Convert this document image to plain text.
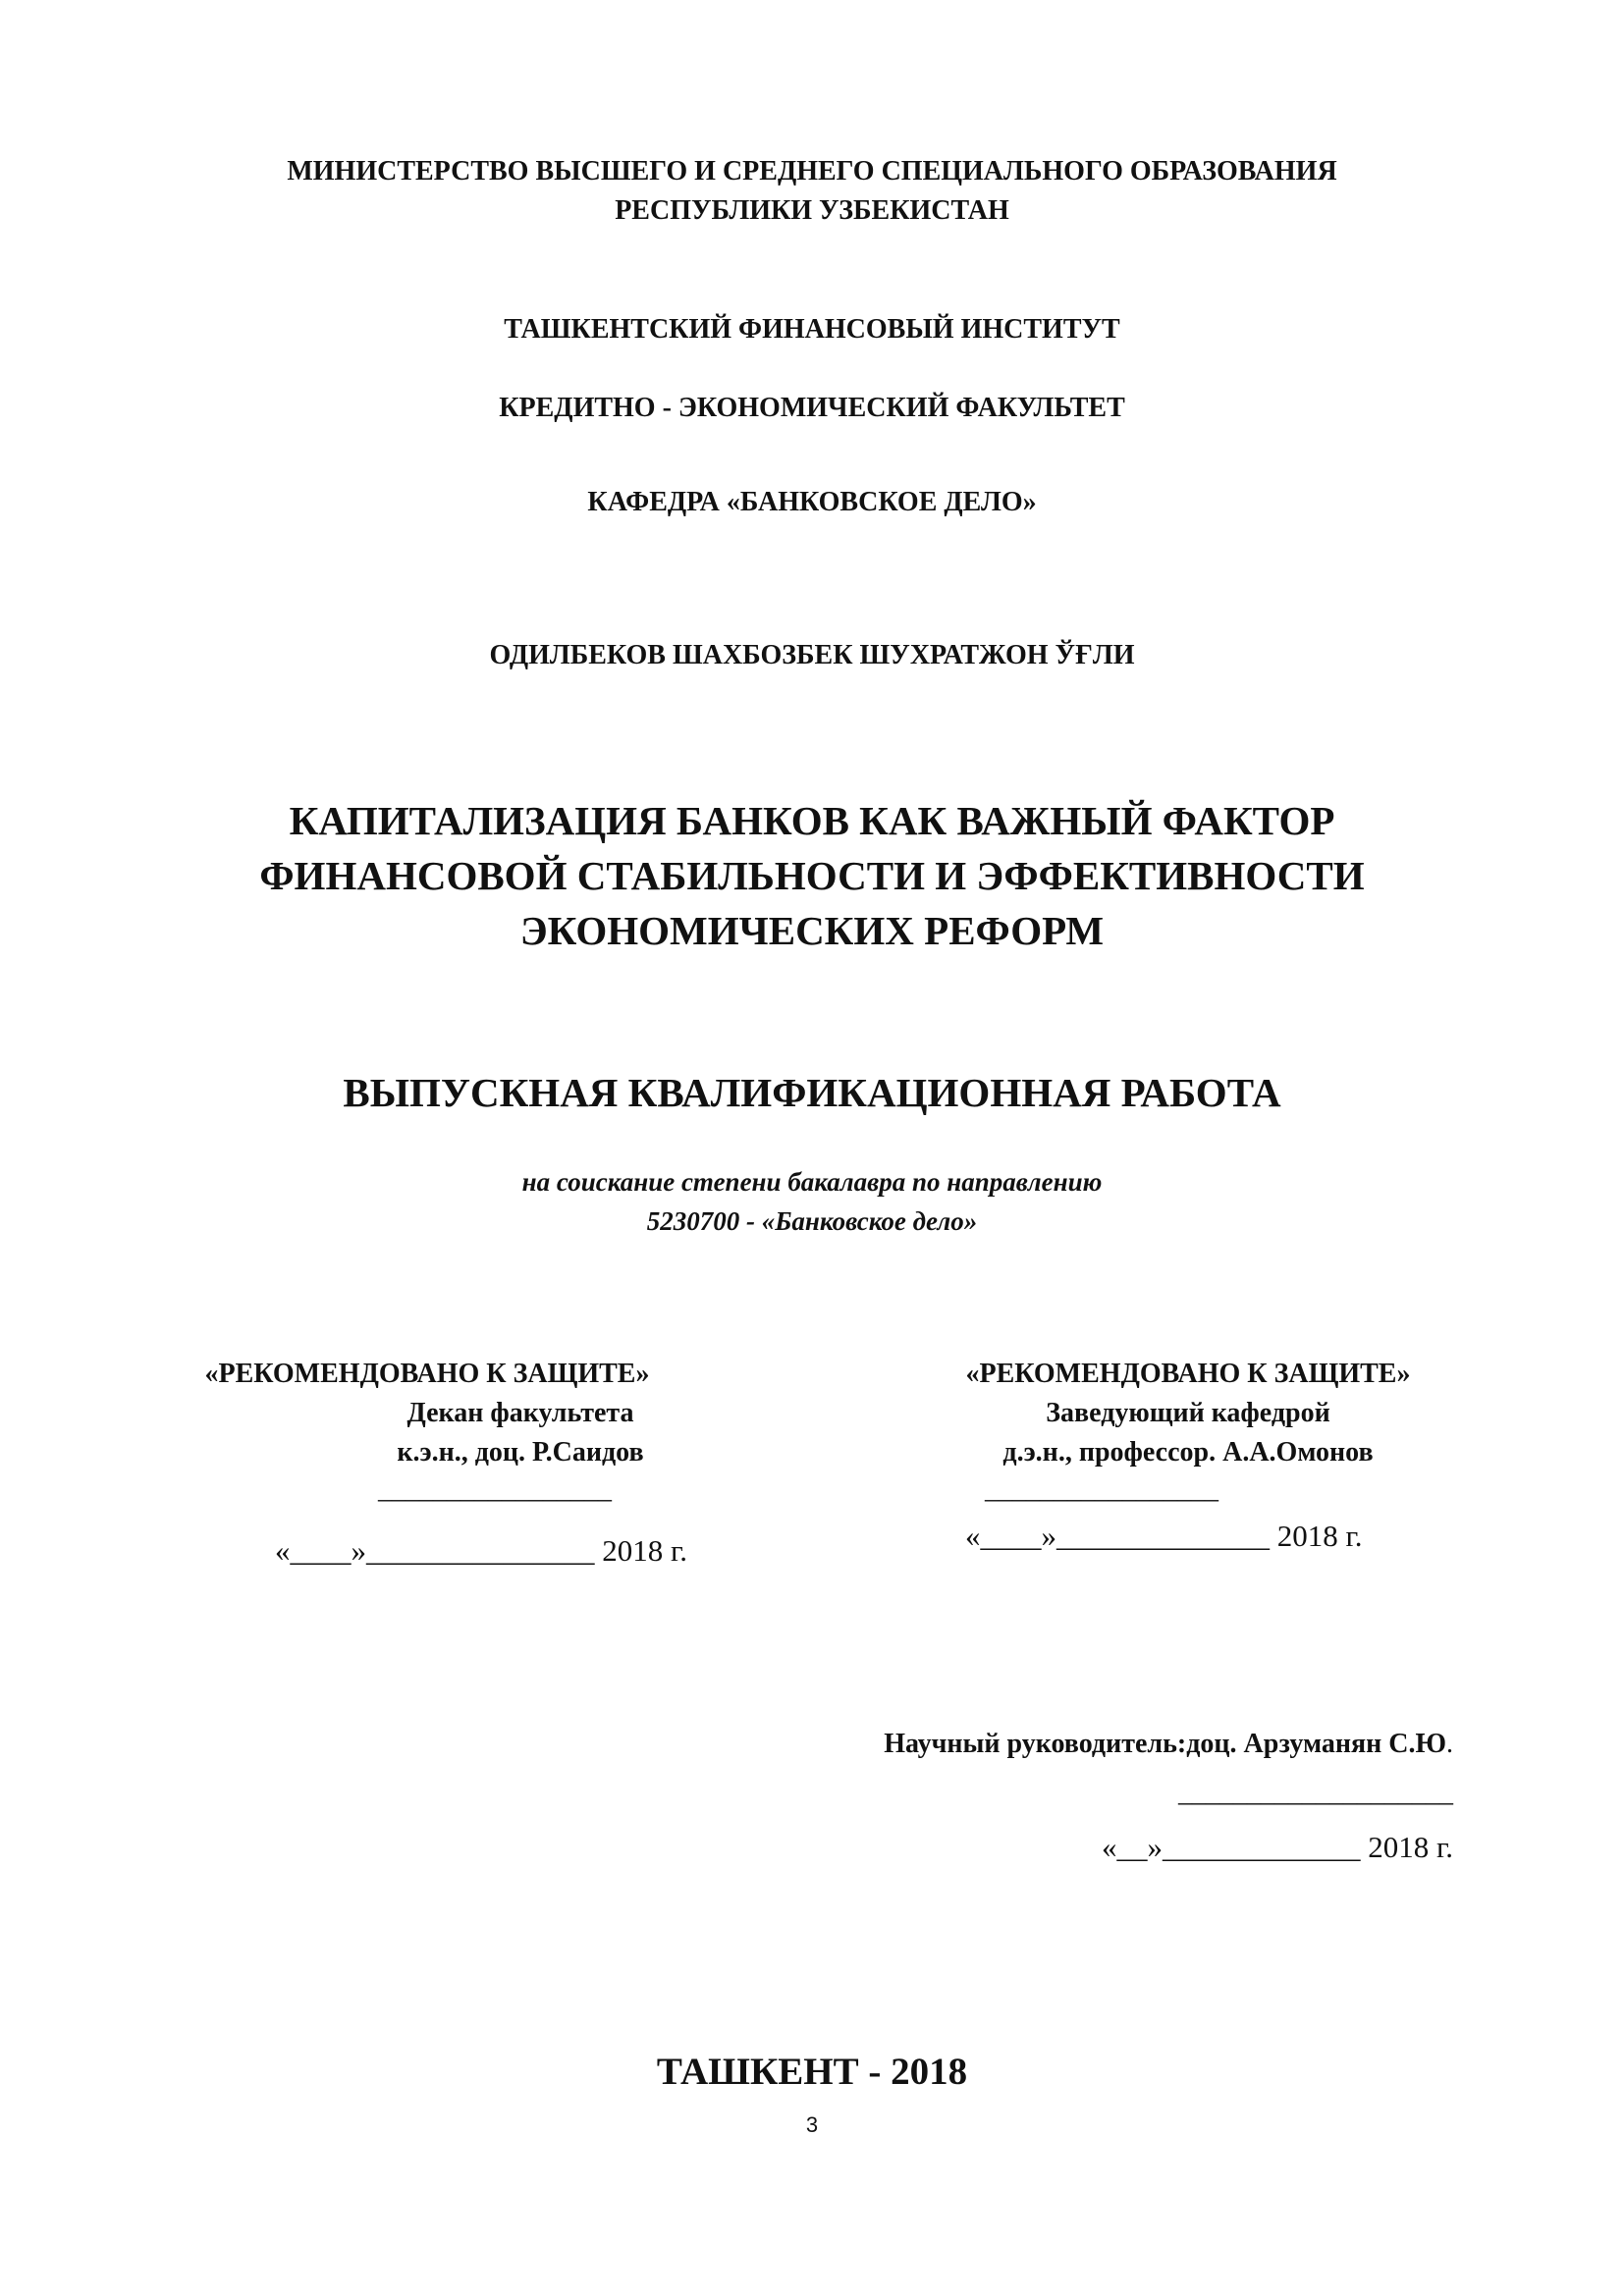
МИНИСТЕРСТВО ВЫСШЕГО И СРЕДНЕГО СПЕЦИАЛЬНОГО ОБРАЗОВАНИЯ
РЕСПУБЛИКИ УЗБЕКИСТАН
ТАШКЕНТСКИЙ ФИНАНСОВЫЙ ИНСТИТУТ
КРЕДИТНО - ЭКОНОМИЧЕСКИЙ ФАКУЛЬТЕТ
КАФЕДРА «БАНКОВСКОЕ ДЕЛО»
ОДИЛБЕКОВ ШАХБОЗБЕК ШУХРАТЖОН ЎҒЛИ
КАПИТАЛИЗАЦИЯ БАНКОВ КАК ВАЖНЫЙ ФАКТОР
ФИНАНСОВОЙ СТАБИЛЬНОСТИ И ЭФФЕКТИВНОСТИ
ЭКОНОМИЧЕСКИХ РЕФОРМ
ВЫПУСКНАЯ КВАЛИФИКАЦИОННАЯ РАБОТА
на соискание степени бакалавра по направлению
5230700 - «Банковское дело»
«РЕКОМЕНДОВАНО К ЗАЩИТЕ»
Декан факультета
к.э.н., доц. Р.Саидов
_________________
«____»_______________ 2018 г.
«РЕКОМЕНДОВАНО К ЗАЩИТЕ»
Заведующий кафедрой
д.э.н., профессор. А.А.Омонов
_________________
«____»______________ 2018 г.
Научный руководитель:доц. Арзуманян С.Ю.
____________________
«__»_____________ 2018 г.
ТАШКЕНТ - 2018
3
